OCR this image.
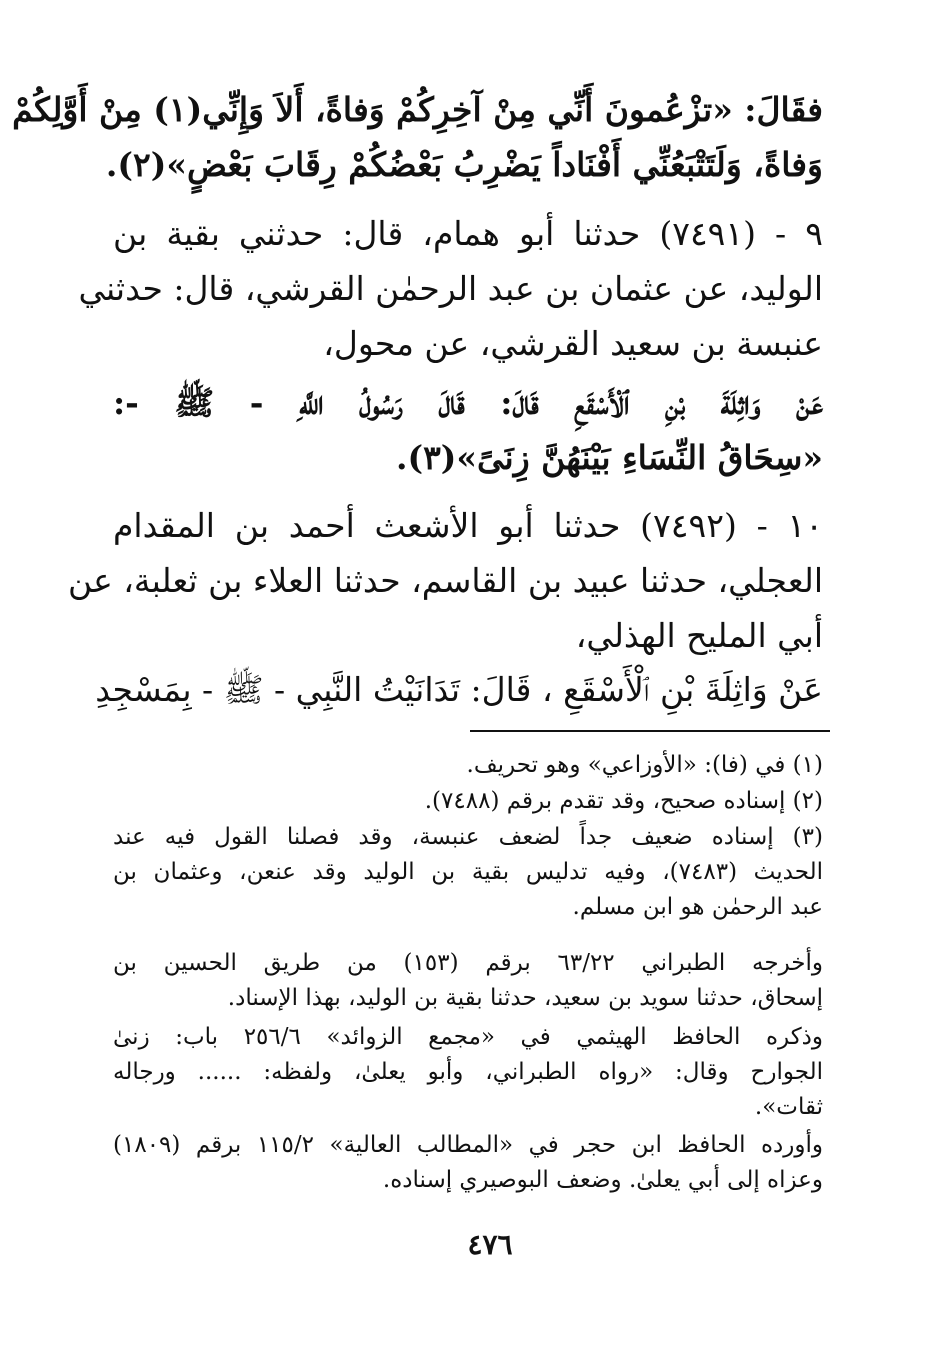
فقَالَ: «تزْعُمونَ أَنِّي مِنْ آخِرِكُمْ وَفاةً، أَلاَ وَإِنِّي(١) مِنْ أَوَّلِكُمْ
وَفاةً، وَلَتَتْبَعُنِّي أَفْنَاداً يَضْرِبُ بَعْضُكُمْ رِقَابَ بَعْضٍ»(٢).
٩ - (٧٤٩١) حدثنا أبو همام، قال: حدثني بقية بن
الوليد، عن عثمان بن عبد الرحمٰن القرشي، قال: حدثني
عنبسة بن سعيد القرشي، عن محول،
عَنْ وَاثِلَةَ بْنِ ٱلْأَسْقَعِ قَالَ: قَالَ رَسُولُ اللَّهِ - ﷺ -:
«سِحَاقُ النِّسَاءِ بَيْنَهُنَّ زِنَىً»(٣).
١٠ - (٧٤٩٢) حدثنا أبو الأشعث أحمد بن المقدام
العجلي، حدثنا عبيد بن القاسم، حدثنا العلاء بن ثعلبة، عن
أبي المليح الهذلي،
عَنْ وَاثِلَةَ بْنِ ٱلْأَسْقَعِ ، قَالَ: تَدَانَيْتُ النَّبِي - ﷺ - بِمَسْجِدِ
(١) في (فا): «الأوزاعي» وهو تحريف.
(٢) إسناده صحيح، وقد تقدم برقم (٧٤٨٨).
(٣) إسناده ضعيف جداً لضعف عنبسة، وقد فصلنا القول فيه عند
الحديث (٧٤٨٣)، وفيه تدليس بقية بن الوليد وقد عنعن، وعثمان بن
عبد الرحمٰن هو ابن مسلم.
وأخرجه الطبراني ٦٣/٢٢ برقم (١٥٣) من طريق الحسين بن
إسحاق، حدثنا سويد بن سعيد، حدثنا بقية بن الوليد، بهذا الإسناد.
وذكره الحافظ الهيثمي في «مجمع الزوائد» ٢٥٦/٦ باب: زنىٰ
الجوارح وقال: «رواه الطبراني، وأبو يعلىٰ، ولفظه: ...... ورجاله
ثقات».
وأورده الحافظ ابن حجر في «المطالب العالية» ١١٥/٢ برقم (١٨٠٩)
وعزاه إلى أبي يعلىٰ. وضعف البوصيري إسناده.
٤٧٦
